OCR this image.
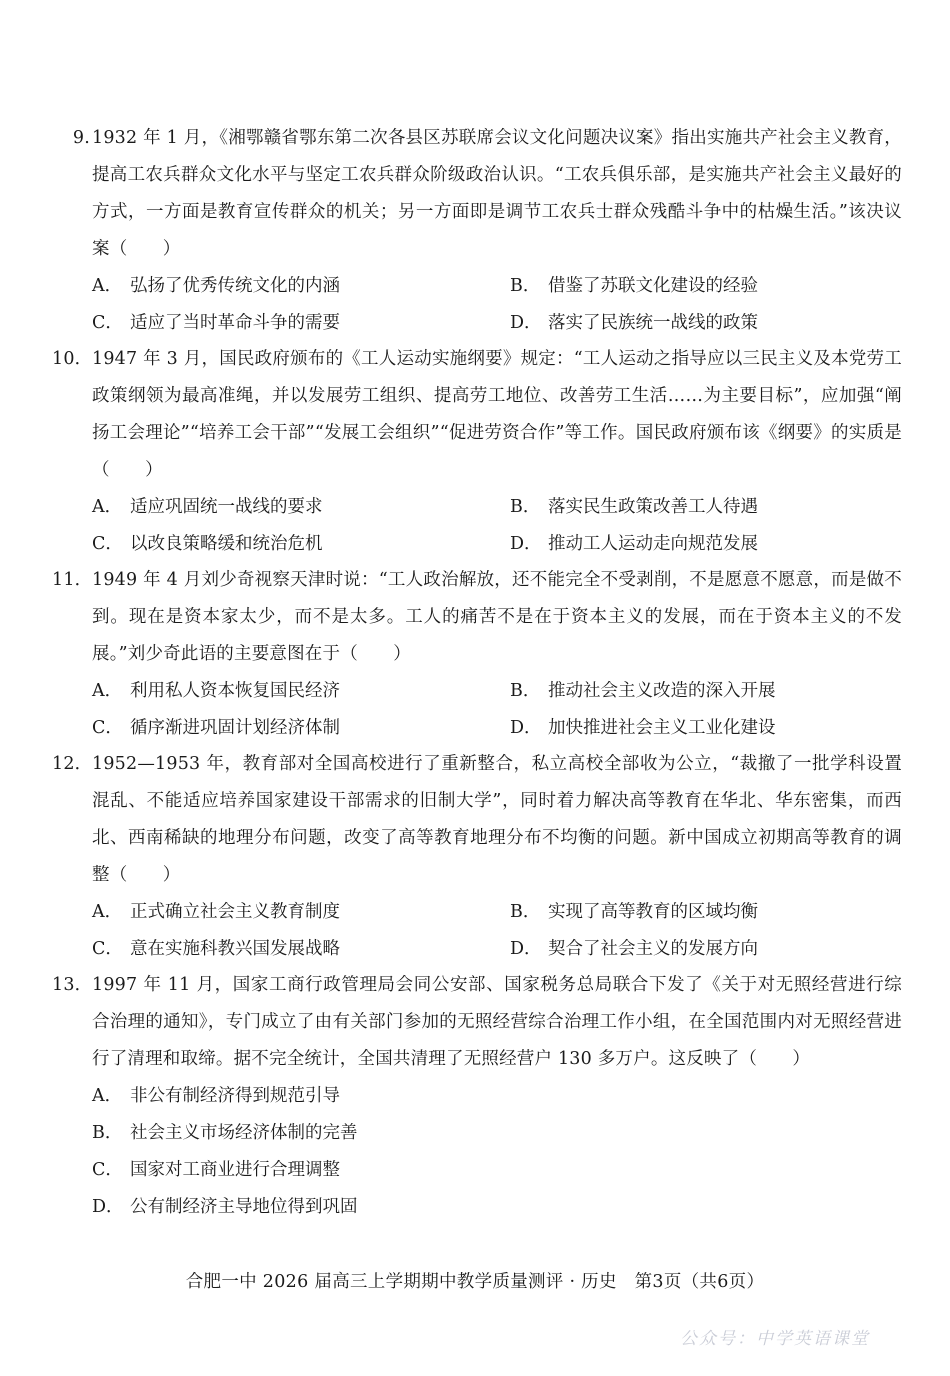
9. 1932 年 1 月，《湘鄂赣省鄂东第二次各县区苏联席会议文化问题决议案》指出实施共产社会主义教育，提高工农兵群众文化水平与坚定工农兵群众阶级政治认识。“工农兵俱乐部，是实施共产社会主义最好的方式，一方面是教育宣传群众的机关；另一方面即是调节工农兵士群众残酷斗争中的枯燥生活。”该决议案（　　）
A． 弘扬了优秀传统文化的内涵	B． 借鉴了苏联文化建设的经验
C． 适应了当时革命斗争的需要	D． 落实了民族统一战线的政策
10． 1947 年 3 月，国民政府颁布的《工人运动实施纲要》规定：“工人运动之指导应以三民主义及本党劳工政策纲领为最高准绳，并以发展劳工组织、提高劳工地位、改善劳工生活……为主要目标”，应加强“阐扬工会理论”“培养工会干部”“发展工会组织”“促进劳资合作”等工作。国民政府颁布该《纲要》的实质是（　　）
A． 适应巩固统一战线的要求	B． 落实民生政策改善工人待遇
C． 以改良策略缓和统治危机	D． 推动工人运动走向规范发展
11． 1949 年 4 月刘少奇视察天津时说：“工人政治解放，还不能完全不受剥削，不是愿意不愿意，而是做不到。现在是资本家太少，而不是太多。工人的痛苦不是在于资本主义的发展，而在于资本主义的不发展。”刘少奇此语的主要意图在于（　　）
A． 利用私人资本恢复国民经济	B． 推动社会主义改造的深入开展
C． 循序渐进巩固计划经济体制	D． 加快推进社会主义工业化建设
12． 1952—1953 年，教育部对全国高校进行了重新整合，私立高校全部收为公立，“裁撤了一批学科设置混乱、不能适应培养国家建设干部需求的旧制大学”，同时着力解决高等教育在华北、华东密集，而西北、西南稀缺的地理分布问题，改变了高等教育地理分布不均衡的问题。新中国成立初期高等教育的调整（　　）
A． 正式确立社会主义教育制度	B． 实现了高等教育的区域均衡
C． 意在实施科教兴国发展战略	D． 契合了社会主义的发展方向
13． 1997 年 11 月，国家工商行政管理局会同公安部、国家税务总局联合下发了《关于对无照经营进行综合治理的通知》，专门成立了由有关部门参加的无照经营综合治理工作小组，在全国范围内对无照经营进行了清理和取缔。据不完全统计，全国共清理了无照经营户 130 多万户。这反映了（　　）
A． 非公有制经济得到规范引导
B． 社会主义市场经济体制的完善
C． 国家对工商业进行合理调整
D． 公有制经济主导地位得到巩固
合肥一中 2026 届高三上学期期中教学质量测评 · 历史　第3页（共6页）
公众号：中学英语课堂
